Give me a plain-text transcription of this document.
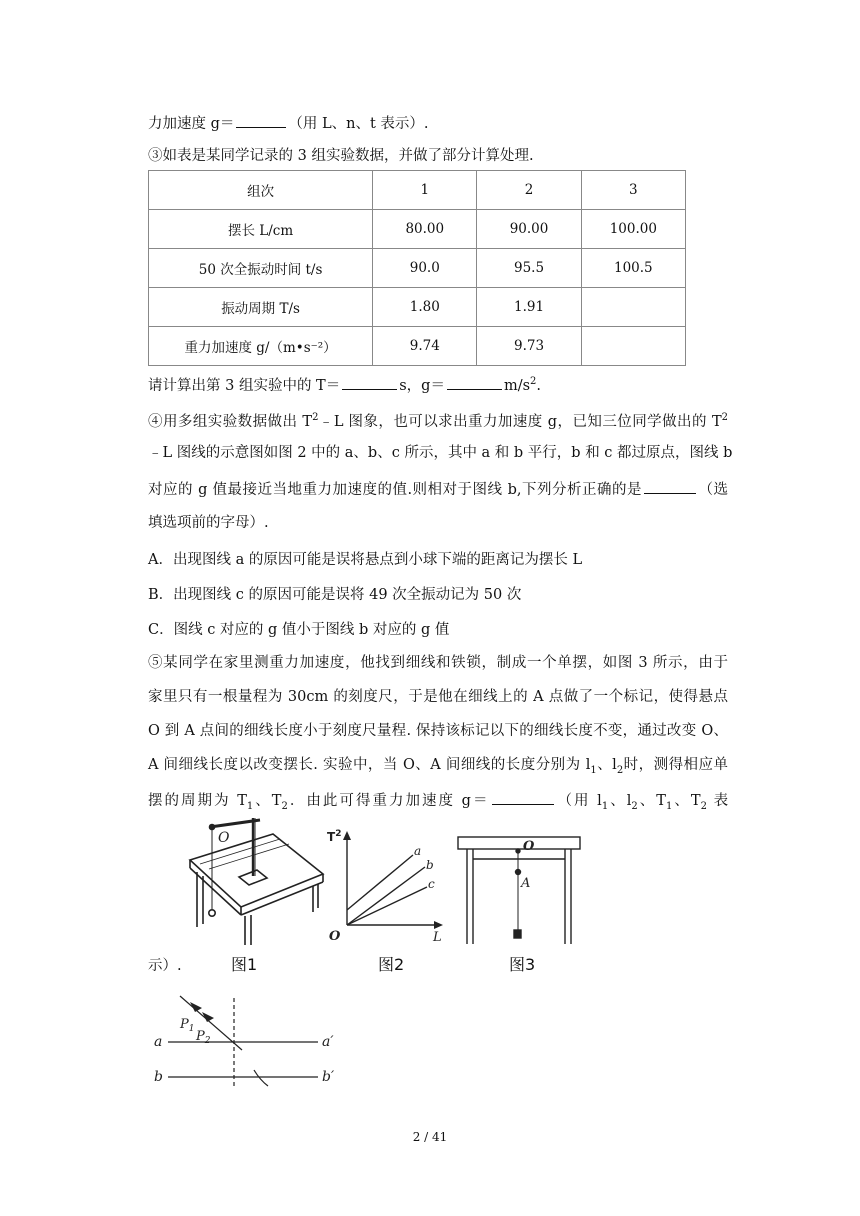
力加速度 g＝	（用 L、n、t 表示）.
③如表是某同学记录的 3 组实验数据，并做了部分计算处理.
组次	1	2	3
摆长 L/cm	80.00	90.00	100.00
50 次全振动时间 t/s	90.0	95.5	100.5
振动周期 T/s	1.80	1.91	
重力加速度 g/（m•s⁻²）	9.74	9.73	
请计算出第 3 组实验中的 T＝	s，g＝	$m/s^2$.
④用多组实验数据做出 $T^2﹣L$ 图象，也可以求出重力加速度 g，已知三位同学做出的 $T^2$
﹣L 图线的示意图如图 2 中的 a、b、c 所示，其中 a 和 b 平行，b 和 c 都过原点，图线 b
对应的 g 值最接近当地重力加速度的值.则相对于图线 b,下列分析正确的是	（选
填选项前的字母）.
A．出现图线 a 的原因可能是误将悬点到小球下端的距离记为摆长 L
B．出现图线 c 的原因可能是误将 49 次全振动记为 50 次
C．图线 c 对应的 g 值小于图线 b 对应的 g 值
⑤某同学在家里测重力加速度，他找到细线和铁锁，制成一个单摆，如图 3 所示，由于
家里只有一根量程为 30cm 的刻度尺，于是他在细线上的 A 点做了一个标记，使得悬点
O 到 A 点间的细线长度小于刻度尺量程. 保持该标记以下的细线长度不变，通过改变 O、
A 间细线长度以改变摆长. 实验中，当 O、A 间细线的长度分别为 $l_1$、$l_2$时，测得相应单
摆的周期为 $T_1$、$T_2$．由此可得重力加速度 g＝	（用 $l_1$、$l_2$、$T_1$、$T_2$ 表
示）.
O
图1
$T^2$
O	L
a
b
c
图2
O
A
图3
$P_1$ $P_2$
a	a′
b	b′
2 / 41
